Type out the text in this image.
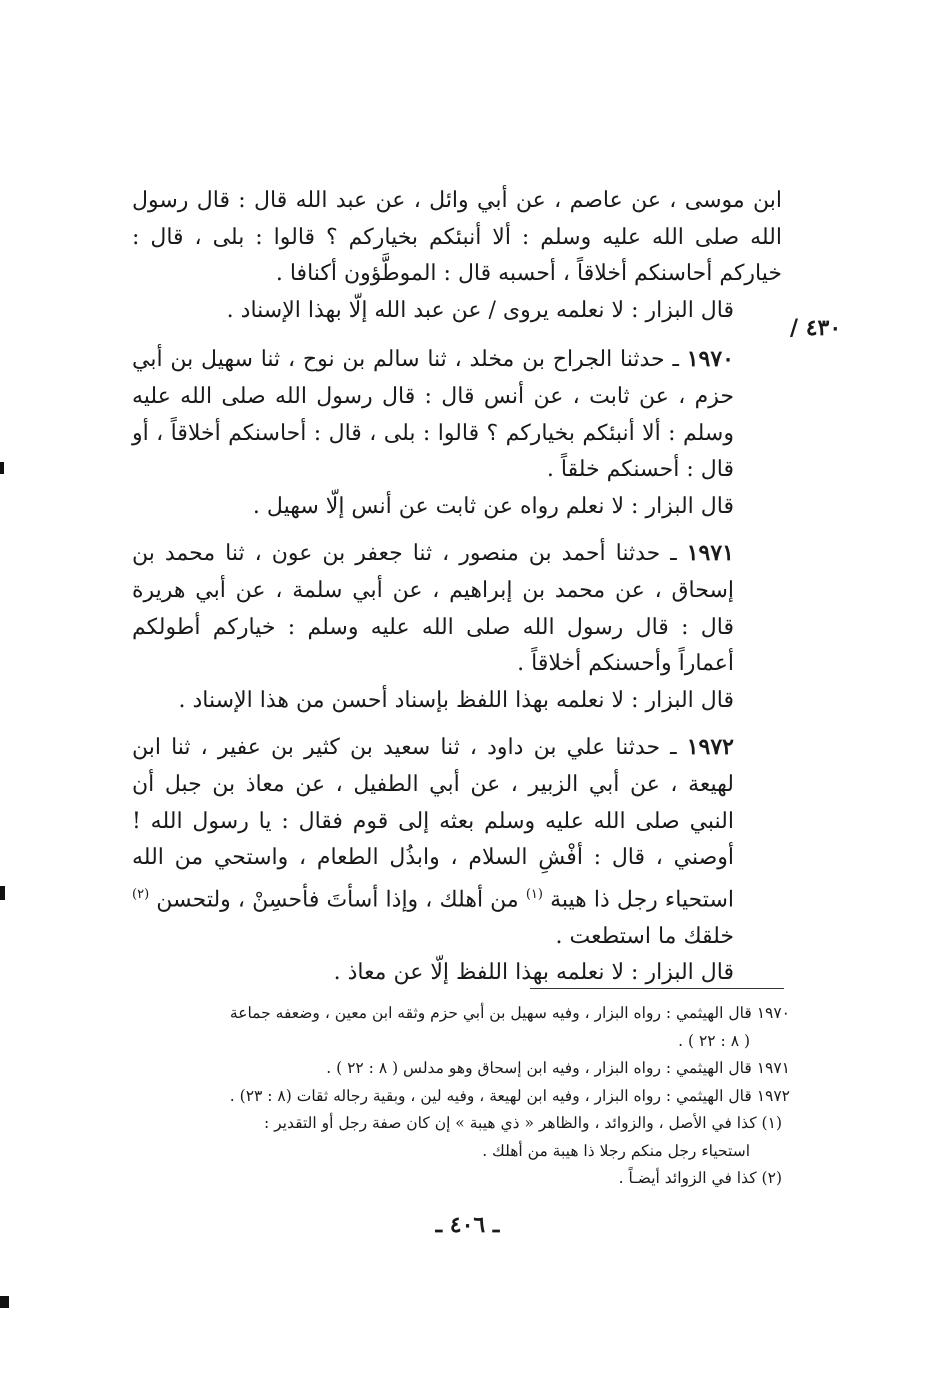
٤٣٠ /

ابن موسى ، عن عاصم ، عن أبي وائل ، عن عبد الله قال : قال رسول الله صلى الله عليه وسلم : ألا أنبئكم بخياركم ؟ قالوا : بلى ، قال : خياركم أحاسنكم أخلاقاً ، أحسبه قال : الموطَّؤون أكنافا .

قال البزار : لا نعلمه يروى / عن عبد الله إلّا بهذا الإسناد .

١٩٧٠ ـ حدثنا الجراح بن مخلد ، ثنا سالم بن نوح ، ثنا سهيل بن أبي حزم ، عن ثابت ، عن أنس قال : قال رسول الله صلى الله عليه وسلم : ألا أنبئكم بخياركم ؟ قالوا : بلى ، قال : أحاسنكم أخلاقاً ، أو قال : أحسنكم خلقاً .

قال البزار : لا نعلم رواه عن ثابت عن أنس إلّا سهيل .

١٩٧١ ـ حدثنا أحمد بن منصور ، ثنا جعفر بن عون ، ثنا محمد بن إسحاق ، عن محمد بن إبراهيم ، عن أبي سلمة ، عن أبي هريرة قال : قال رسول الله صلى الله عليه وسلم : خياركم أطولكم أعماراً وأحسنكم أخلاقاً .

قال البزار : لا نعلمه بهذا اللفظ بإسناد أحسن من هذا الإسناد .

١٩٧٢ ـ حدثنا علي بن داود ، ثنا سعيد بن كثير بن عفير ، ثنا ابن لهيعة ، عن أبي الزبير ، عن أبي الطفيل ، عن معاذ بن جبل أن النبي صلى الله عليه وسلم بعثه إلى قوم فقال : يا رسول الله ! أوصني ، قال : أفْشِ السلام ، وابذُل الطعام ، واستحي من الله استحياء رجل ذا هيبة $^{(١)}$ من أهلك ، وإذا أسأتَ فأحسِنْ ، ولتحسن $^{(٢)}$ خلقك ما استطعت .

قال البزار : لا نعلمه بهذا اللفظ إلّا عن معاذ .

١٩٧٠ قال الهيثمي : رواه البزار ، وفيه سهيل بن أبي حزم وثقه ابن معين ، وضعفه جماعة

( ٨ : ٢٢ ) .

١٩٧١ قال الهيثمي : رواه البزار ، وفيه ابن إسحاق وهو مدلس ( ٨ : ٢٢ ) .

١٩٧٢ قال الهيثمي : رواه البزار ، وفيه ابن لهيعة ، وفيه لين ، وبقية رجاله ثقات (٨ : ٢٣) .

(١) كذا في الأصل ، والزوائد ، والظاهر « ذي هيبة » إن كان صفة رجل أو التقدير :

استحياء رجل منكم رجلا ذا هيبة من أهلك .

(٢) كذا في الزوائد أيضـاً .

ـ ٤٠٦ ـ
